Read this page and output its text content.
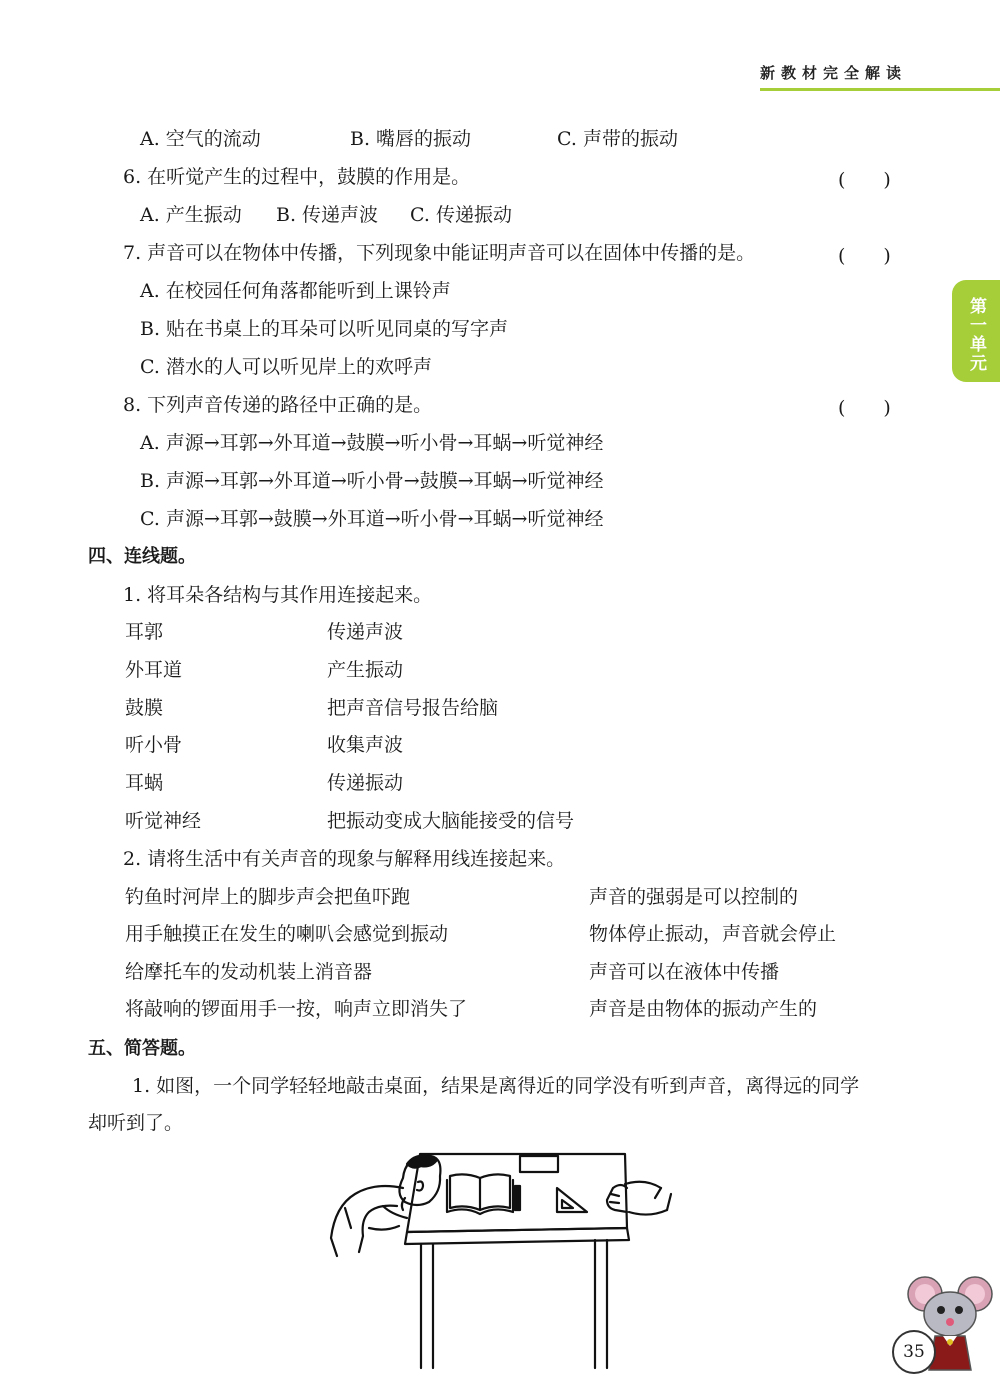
新教材完全解读
第一单元
A. 空气的流动	B. 嘴唇的振动	C. 声带的振动
6. 在听觉产生的过程中，鼓膜的作用是。	(　　)
A. 产生振动 B. 传递声波 C. 传递振动
7. 声音可以在物体中传播，下列现象中能证明声音可以在固体中传播的是。	(　　)
A. 在校园任何角落都能听到上课铃声
B. 贴在书桌上的耳朵可以听见同桌的写字声
C. 潜水的人可以听见岸上的欢呼声
8. 下列声音传递的路径中正确的是。	(　　)
A. 声源→耳郭→外耳道→鼓膜→听小骨→耳蜗→听觉神经
B. 声源→耳郭→外耳道→听小骨→鼓膜→耳蜗→听觉神经
C. 声源→耳郭→鼓膜→外耳道→听小骨→耳蜗→听觉神经
四、连线题。
1. 将耳朵各结构与其作用连接起来。
耳郭	传递声波
外耳道	产生振动
鼓膜	把声音信号报告给脑
听小骨	收集声波
耳蜗	传递振动
听觉神经	把振动变成大脑能接受的信号
2. 请将生活中有关声音的现象与解释用线连接起来。
钓鱼时河岸上的脚步声会把鱼吓跑	声音的强弱是可以控制的
用手触摸正在发生的喇叭会感觉到振动	物体停止振动，声音就会停止
给摩托车的发动机装上消音器	声音可以在液体中传播
将敲响的锣面用手一按，响声立即消失了	声音是由物体的振动产生的
五、简答题。
1. 如图，一个同学轻轻地敲击桌面，结果是离得近的同学没有听到声音，离得远的同学
却听到了。
35
